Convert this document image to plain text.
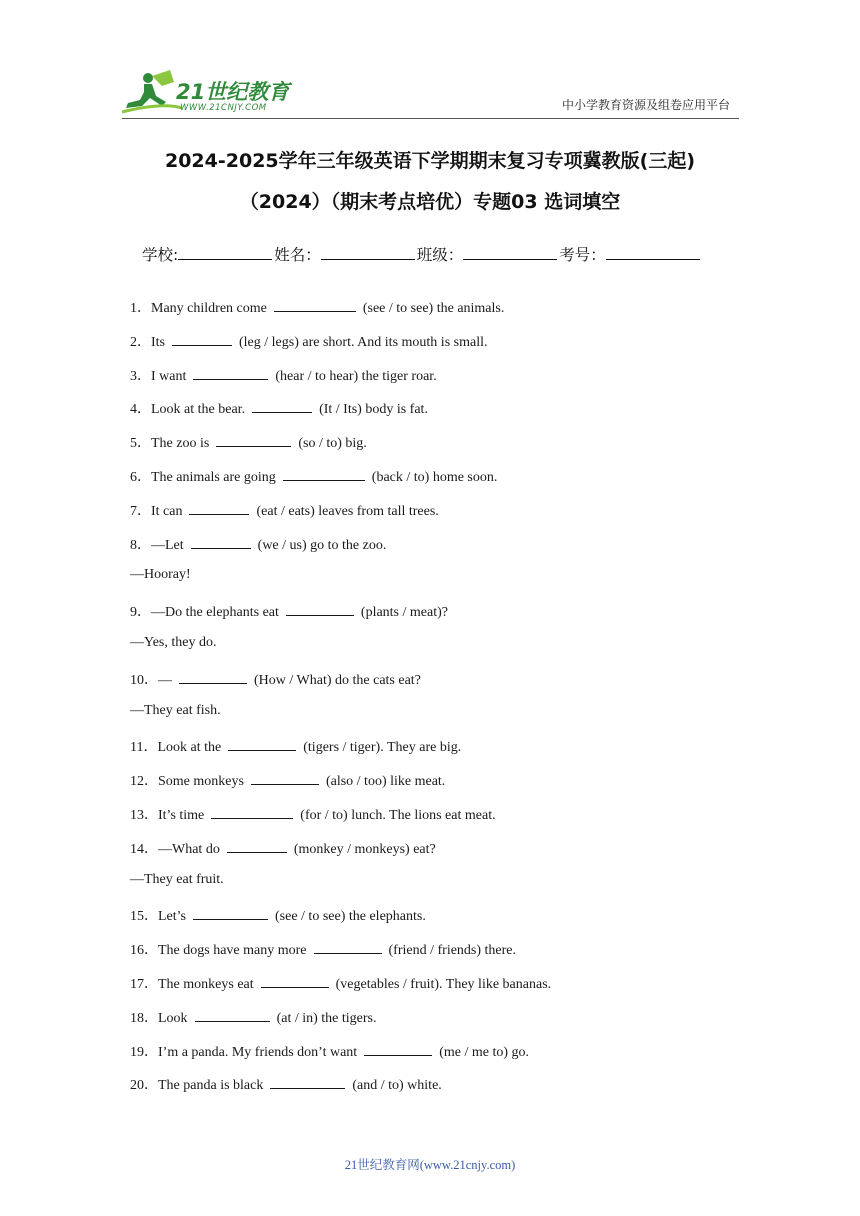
21世纪教育
WWW.21CNJY.COM	中小学教育资源及组卷应用平台
2024-2025学年三年级英语下学期期末复习专项冀教版(三起)
（2024）（期末考点培优）专题03 选词填空
学校:	姓名：	班级：	考号：
1．Many children come	(see / to see) the animals.
2．Its	(leg / legs) are short. And its mouth is small.
3．I want	(hear / to hear) the tiger roar.
4．Look at the bear.	(It / Its) body is fat.
5．The zoo is	(so / to) big.
6．The animals are going	(back / to) home soon.
7．It can	(eat / eats) leaves from tall trees.
8．—Let	(we / us) go to the zoo.
—Hooray!
9．—Do the elephants eat	(plants / meat)?
—Yes, they do.
10．—	(How / What) do the cats eat?
—They eat fish.
11．Look at the	(tigers / tiger). They are big.
12．Some monkeys	(also / too) like meat.
13．It’s time	(for / to) lunch. The lions eat meat.
14．—What do	(monkey / monkeys) eat?
—They eat fruit.
15．Let’s	(see / to see) the elephants.
16．The dogs have many more	(friend / friends) there.
17．The monkeys eat	(vegetables / fruit). They like bananas.
18．Look	(at / in) the tigers.
19．I’m a panda. My friends don’t want	(me / me to) go.
20．The panda is black	(and / to) white.
21世纪教育网(www.21cnjy.com)
